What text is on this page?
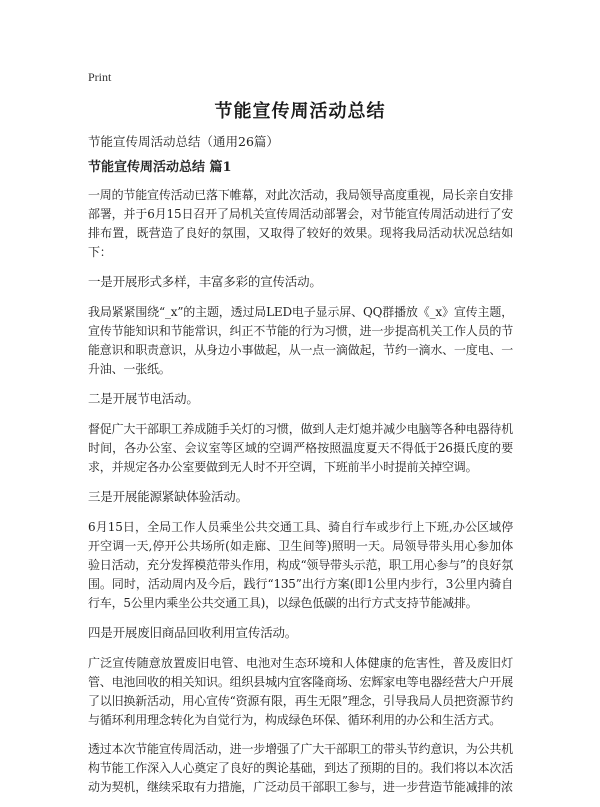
Print
节能宣传周活动总结

节能宣传周活动总结（通用26篇）

节能宣传周活动总结 篇1

一周的节能宣传活动已落下帷幕，对此次活动，我局领导高度重视，局长亲自安排部署，并于6月15日召开了局机关宣传周活动部署会，对节能宣传周活动进行了安排布置，既营造了良好的氛围，又取得了较好的效果。现将我局活动状况总结如下：

一是开展形式多样，丰富多彩的宣传活动。

我局紧紧围绕“_x”的主题，透过局LED电子显示屏、QQ群播放《_x》宣传主题，宣传节能知识和节能常识，纠正不节能的行为习惯，进一步提高机关工作人员的节能意识和职责意识，从身边小事做起，从一点一滴做起，节约一滴水、一度电、一升油、一张纸。

二是开展节电活动。

督促广大干部职工养成随手关灯的习惯，做到人走灯熄并减少电脑等各种电器待机时间，各办公室、会议室等区域的空调严格按照温度夏天不得低于26摄氏度的要求，并规定各办公室要做到无人时不开空调，下班前半小时提前关掉空调。

三是开展能源紧缺体验活动。

6月15日，全局工作人员乘坐公共交通工具、骑自行车或步行上下班,办公区域停开空调一天,停开公共场所(如走廊、卫生间等)照明一天。局领导带头用心参加体验日活动，充分发挥模范带头作用，构成“领导带头示范，职工用心参与”的良好氛围。同时，活动周内及今后，践行“135”出行方案(即1公里内步行，3公里内骑自行车，5公里内乘坐公共交通工具)，以绿色低碳的出行方式支持节能减排。

四是开展废旧商品回收利用宣传活动。

广泛宣传随意放置废旧电管、电池对生态环境和人体健康的危害性，普及废旧灯管、电池回收的相关知识。组织县城内宜客隆商场、宏辉家电等电器经营大户开展了以旧换新活动，用心宣传“资源有限，再生无限”理念，引导我局人员把资源节约与循环利用理念转化为自觉行为，构成绿色环保、循环利用的办公和生活方式。

透过本次节能宣传周活动，进一步增强了广大干部职工的带头节约意识，为公共机构节能工作深入人心奠定了良好的舆论基础，到达了预期的目的。我们将以本次活动为契机，继续采取有力措施，广泛动员干部职工参与，进一步营造节能减排的浓
